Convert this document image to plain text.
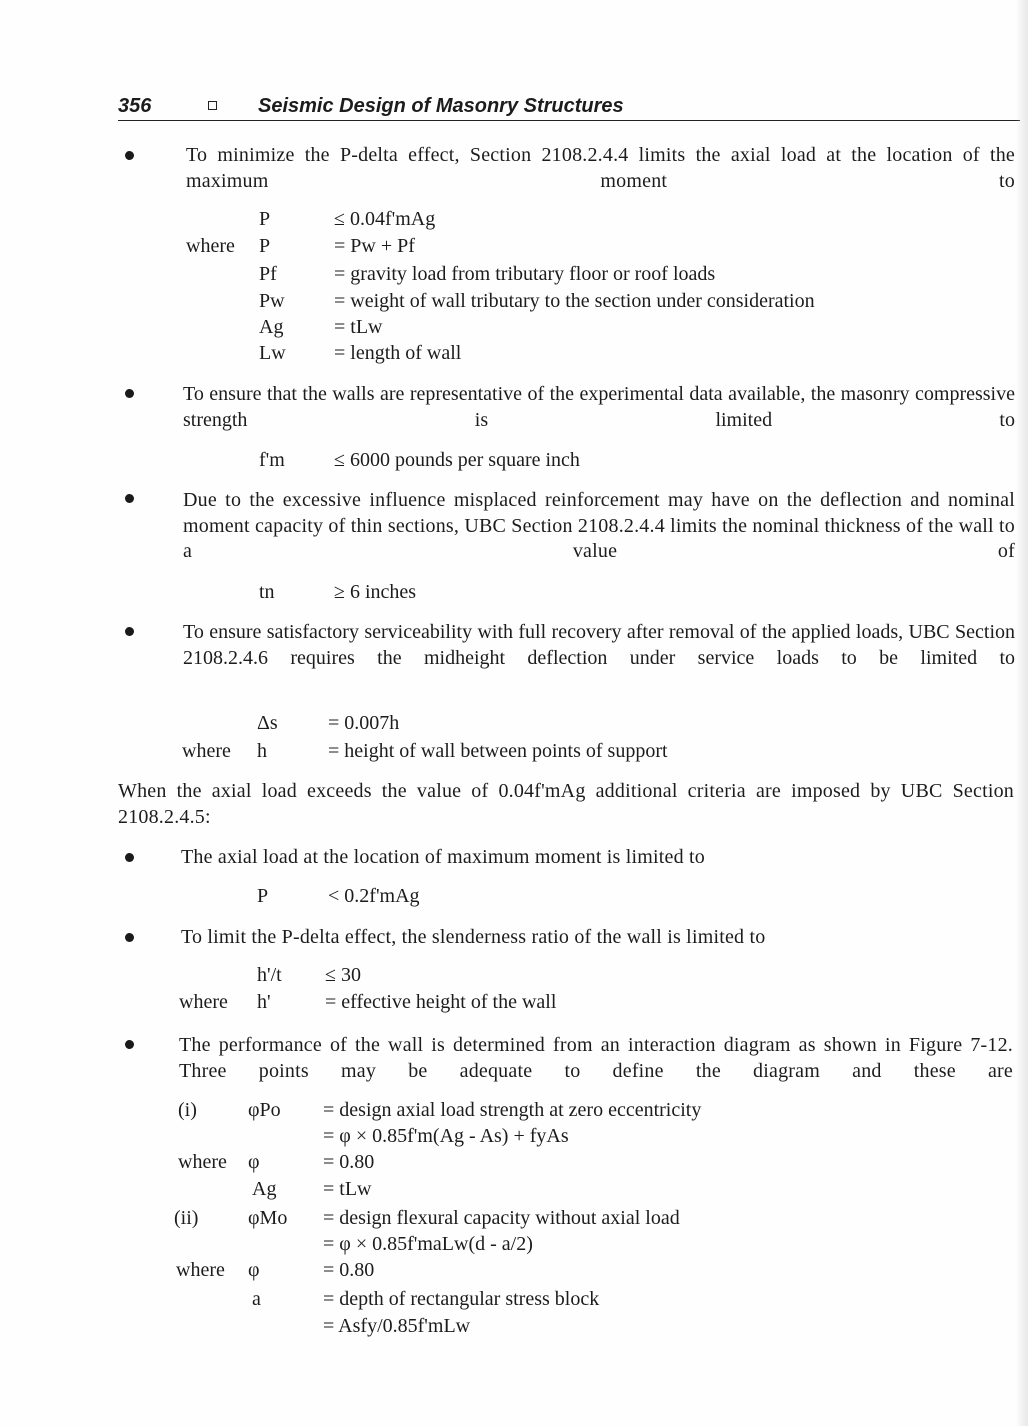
356	Seismic Design of Masonry Structures
To minimize the P-delta effect, Section 2108.2.4.4 limits the axial load at the location of the maximum moment to
P	≤ 0.04f'mAg
where P	= Pw + Pf
Pf	= gravity load from tributary floor or roof loads
Pw = weight of wall tributary to the section under consideration
Ag	= tLw
Lw = length of wall
To ensure that the walls are representative of the experimental data available, the masonry compressive strength is limited to
f'm ≤ 6000 pounds per square inch
Due to the excessive influence misplaced reinforcement may have on the deflection and nominal moment capacity of thin sections, UBC Section 2108.2.4.4 limits the nominal thickness of the wall to a value of
tn	≥ 6 inches
To ensure satisfactory serviceability with full recovery after removal of the applied loads, UBC Section 2108.2.4.6 requires the midheight deflection under service loads to be limited to
Δs	= 0.007h
where h	= height of wall between points of support
When the axial load exceeds the value of 0.04f'mAg additional criteria are imposed by UBC Section 2108.2.4.5:
The axial load at the location of maximum moment is limited to
P	< 0.2f'mAg
To limit the P-delta effect, the slenderness ratio of the wall is limited to
h'/t ≤ 30
where h'	= effective height of the wall
The performance of the wall is determined from an interaction diagram as shown in Figure 7-12. Three points may be adequate to define the diagram and these are
(i)	φPo = design axial load strength at zero eccentricity
= φ × 0.85f'm(Ag - As) + fyAs
where φ	= 0.80
Ag = tLw
(ii) φMo = design flexural capacity without axial load
= φ × 0.85f'maLw(d - a/2)
where φ	= 0.80
a	= depth of rectangular stress block
= Asfy/0.85f'mLw
